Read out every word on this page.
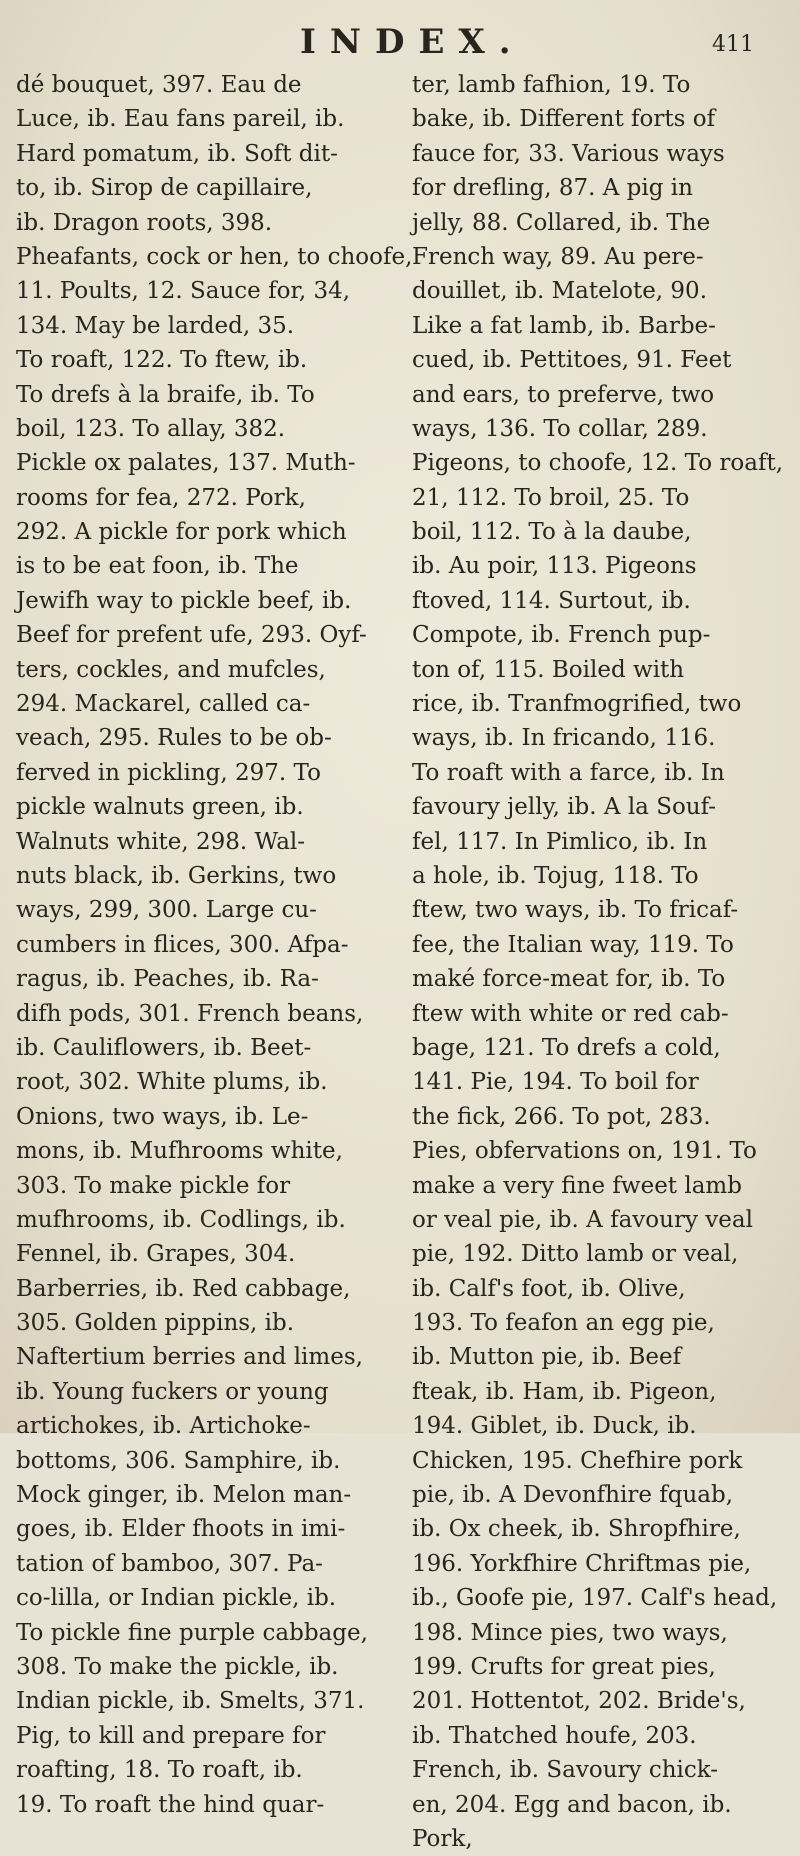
INDEX.	411
dé bouquet, 397. Eau de
Luce, ib. Eau fans pareil, ib.
Hard pomatum, ib. Soft dit-
to, ib. Sirop de capillaire,
ib. Dragon roots, 398.
Pheafants, cock or hen, to choofe,
11. Poults, 12. Sauce for, 34,
134. May be larded, 35.
To roaft, 122. To ftew, ib.
To drefs à la braife, ib. To
boil, 123. To allay, 382.
Pickle ox palates, 137. Muth-
rooms for fea, 272. Pork,
292. A pickle for pork which
is to be eat foon, ib. The
Jewifh way to pickle beef, ib.
Beef for prefent ufe, 293. Oyf-
ters, cockles, and mufcles,
294. Mackarel, called ca-
veach, 295. Rules to be ob-
ferved in pickling, 297. To
pickle walnuts green, ib.
Walnuts white, 298. Wal-
nuts black, ib. Gerkins, two
ways, 299, 300. Large cu-
cumbers in flices, 300. Afpa-
ragus, ib. Peaches, ib. Ra-
difh pods, 301. French beans,
ib. Cauliflowers, ib. Beet-
root, 302. White plums, ib.
Onions, two ways, ib. Le-
mons, ib. Mufhrooms white,
303. To make pickle for
mufhrooms, ib. Codlings, ib.
Fennel, ib. Grapes, 304.
Barberries, ib. Red cabbage,
305. Golden pippins, ib.
Naftertium berries and limes,
ib. Young fuckers or young
artichokes, ib. Artichoke-
bottoms, 306. Samphire, ib.
Mock ginger, ib. Melon man-
goes, ib. Elder fhoots in imi-
tation of bamboo, 307. Pa-
co-lilla, or Indian pickle, ib.
To pickle fine purple cabbage,
308. To make the pickle, ib.
Indian pickle, ib. Smelts, 371.
Pig, to kill and prepare for
roafting, 18. To roaft, ib.
19. To roaft the hind quar-
ter, lamb fafhion, 19. To
bake, ib. Different forts of
fauce for, 33. Various ways
for drefling, 87. A pig in
jelly, 88. Collared, ib. The
French way, 89. Au pere-
douillet, ib. Matelote, 90.
Like a fat lamb, ib. Barbe-
cued, ib. Pettitoes, 91. Feet
and ears, to preferve, two
ways, 136. To collar, 289.
Pigeons, to choofe, 12. To roaft,
21, 112. To broil, 25. To
boil, 112. To à la daube,
ib. Au poir, 113. Pigeons
ftoved, 114. Surtout, ib.
Compote, ib. French pup-
ton of, 115. Boiled with
rice, ib. Tranfmogrified, two
ways, ib. In fricando, 116.
To roaft with a farce, ib. In
favoury jelly, ib. A la Souf-
fel, 117. In Pimlico, ib. In
a hole, ib. Tojug, 118. To
ftew, two ways, ib. To fricaf-
fee, the Italian way, 119. To
maké force-meat for, ib. To
ftew with white or red cab-
bage, 121. To drefs a cold,
141. Pie, 194. To boil for
the fick, 266. To pot, 283.
Pies, obfervations on, 191. To
make a very fine fweet lamb
or veal pie, ib. A favoury veal
pie, 192. Ditto lamb or veal,
ib. Calf's foot, ib. Olive,
193. To feafon an egg pie,
ib. Mutton pie, ib. Beef
fteak, ib. Ham, ib. Pigeon,
194. Giblet, ib. Duck, ib.
Chicken, 195. Chefhire pork
pie, ib. A Devonfhire fquab,
ib. Ox cheek, ib. Shropfhire,
196. Yorkfhire Chriftmas pie,
ib., Goofe pie, 197. Calf's head,
198. Mince pies, two ways,
199. Crufts for great pies,
201. Hottentot, 202. Bride's,
ib. Thatched houfe, 203.
French, ib. Savoury chick-
en, 204. Egg and bacon, ib.
Pork,
